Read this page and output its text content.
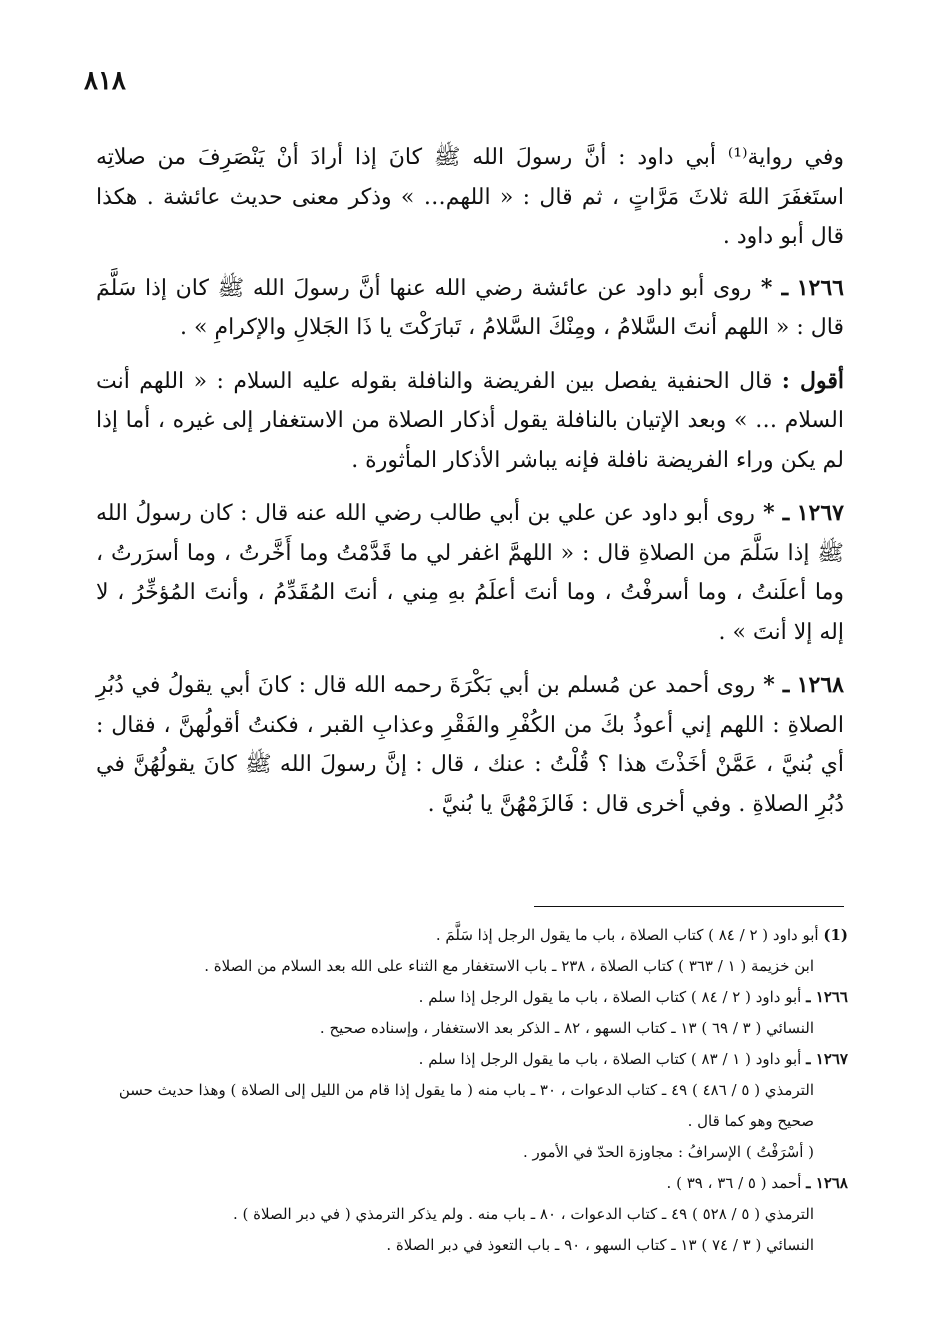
٨١٨

وفي رواية⁽¹⁾ أبي داود : أنَّ رسولَ الله ﷺ كانَ إذا أرادَ أنْ يَنْصَرِفَ من صلاتِه استَغفَرَ اللهَ ثلاثَ مَرَّاتٍ ، ثم قال : « اللهم… » وذكر معنى حديث عائشة . هكذا قال أبو داود .

١٢٦٦ ـ * روى أبو داود عن عائشة رضي الله عنها أنَّ رسولَ الله ﷺ كان إذا سَلَّمَ قال : « اللهم أنتَ السَّلامُ ، ومِنْكَ السَّلامُ ، تَبارَكْتَ يا ذَا الجَلالِ والإكرامِ » .

أقول : قال الحنفية يفصل بين الفريضة والنافلة بقوله عليه السلام : « اللهم أنت السلام … » وبعد الإتيان بالنافلة يقول أذكار الصلاة من الاستغفار إلى غيره ، أما إذا لم يكن وراء الفريضة نافلة فإنه يباشر الأذكار المأثورة .

١٢٦٧ ـ * روى أبو داود عن علي بن أبي طالب رضي الله عنه قال : كان رسولُ الله ﷺ إذا سَلَّمَ من الصلاةِ قال : « اللهمَّ اغفر لي ما قَدَّمْتُ وما أَخَّرتُ ، وما أسرَرتُ ، وما أعلَنتُ ، وما أسرفْتُ ، وما أنتَ أعلَمُ بهِ مِني ، أنتَ المُقَدِّمُ ، وأنتَ المُؤخِّرُ ، لا إله إلا أنتَ » .

١٢٦٨ ـ * روى أحمد عن مُسلم بن أبي بَكْرَةَ رحمه الله قال : كانَ أبي يقولُ في دُبُرِ الصلاةِ : اللهم إني أعوذُ بكَ من الكُفْرِ والفَقْرِ وعذابِ القبر ، فكنتُ أقولُهنَّ ، فقال : أي بُنيَّ ، عَمَّنْ أخَذْتَ هذا ؟ قُلْتُ : عنك ، قال : إنَّ رسولَ الله ﷺ كانَ يقولُهُنَّ في دُبُرِ الصلاةِ . وفي أخرى قال : فَالزَمْهُنَّ يا بُنيَّ .

(1) أبو داود ( ٢ / ٨٤ ) كتاب الصلاة ، باب ما يقول الرجل إذا سَلَّمَ .

ابن خزيمة ( ١ / ٣٦٣ ) كتاب الصلاة ، ٢٣٨ ـ باب الاستغفار مع الثناء على الله بعد السلام من الصلاة .

١٢٦٦ ـ أبو داود ( ٢ / ٨٤ ) كتاب الصلاة ، باب ما يقول الرجل إذا سلم .

النسائي ( ٣ / ٦٩ ) ١٣ ـ كتاب السهو ، ٨٢ ـ الذكر بعد الاستغفار ، وإسناده صحيح .

١٢٦٧ ـ أبو داود ( ١ / ٨٣ ) كتاب الصلاة ، باب ما يقول الرجل إذا سلم .

الترمذي ( ٥ / ٤٨٦ ) ٤٩ ـ كتاب الدعوات ، ٣٠ ـ باب منه ( ما يقول إذا قام من الليل إلى الصلاة ) وهذا حديث حسن صحيح وهو كما قال .

( أسْرَفْتُ ) الإسرافُ : مجاوزة الحدّ في الأمور .

١٢٦٨ ـ أحمد ( ٥ / ٣٦ ، ٣٩ ) .

الترمذي ( ٥ / ٥٢٨ ) ٤٩ ـ كتاب الدعوات ، ٨٠ ـ باب منه . ولم يذكر الترمذي ( في دبر الصلاة ) .

النسائي ( ٣ / ٧٤ ) ١٣ ـ كتاب السهو ، ٩٠ ـ باب التعوذ في دبر الصلاة .
